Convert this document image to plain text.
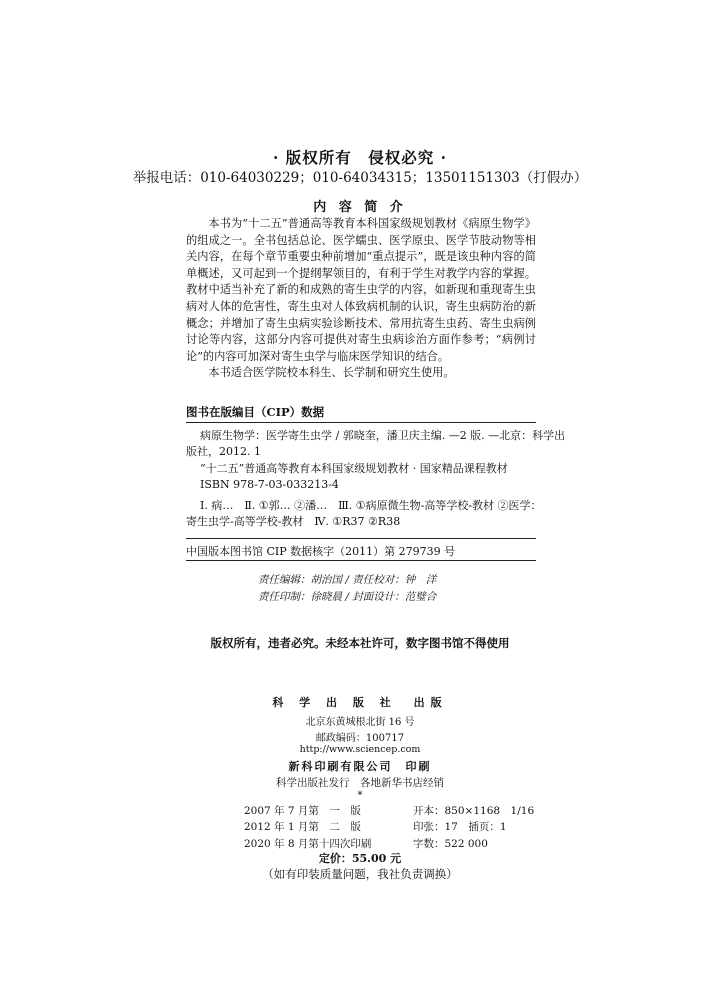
· 版权所有　侵权必究 ·
举报电话：010-64030229；010-64034315；13501151303（打假办）
内 容 简 介

本书为“十二五”普通高等教育本科国家级规划教材《病原生物学》的组成之一。全书包括总论、医学蠕虫、医学原虫、医学节肢动物等相关内容，在每个章节重要虫种前增加“重点提示”，既是该虫种内容的简单概述，又可起到一个提纲挈领目的，有利于学生对教学内容的掌握。教材中适当补充了新的和成熟的寄生虫学的内容，如新现和重现寄生虫病对人体的危害性，寄生虫对人体致病机制的认识，寄生虫病防治的新概念；并增加了寄生虫病实验诊断技术、常用抗寄生虫药、寄生虫病例讨论等内容，这部分内容可提供对寄生虫病诊治方面作参考；“病例讨论”的内容可加深对寄生虫学与临床医学知识的结合。

本书适合医学院校本科生、长学制和研究生使用。

图书在版编目（CIP）数据
病原生物学：医学寄生虫学 / 郭晓奎，潘卫庆主编. —2 版. —北京：科学出
版社，2012. 1
“十二五”普通高等教育本科国家级规划教材 · 国家精品课程教材
ISBN 978-7-03-033213-4
Ⅰ. 病…　Ⅱ. ①郭… ②潘…　Ⅲ. ①病原微生物-高等学校-教材 ②医学：
寄生虫学-高等学校-教材　Ⅳ. ①R37 ②R38
中国版本图书馆 CIP 数据核字（2011）第 279739 号
责任编辑：胡治国 / 责任校对：钟　洋
责任印制：徐晓晨 / 封面设计：范璧合
版权所有，违者必究。未经本社许可，数字图书馆不得使用
科 学 出 版 社　出版
北京东黄城根北街 16 号
邮政编码：100717
http://www.sciencep.com
新科印刷有限公司　印刷
科学出版社发行　各地新华书店经销
*
2007 年 7 月第　一　版	开本：850×1168　1/16
2012 年 1 月第　二　版	印张：17　插页：1
2020 年 8 月第十四次印刷	字数：522 000
定价：55.00 元
（如有印装质量问题，我社负责调换）
